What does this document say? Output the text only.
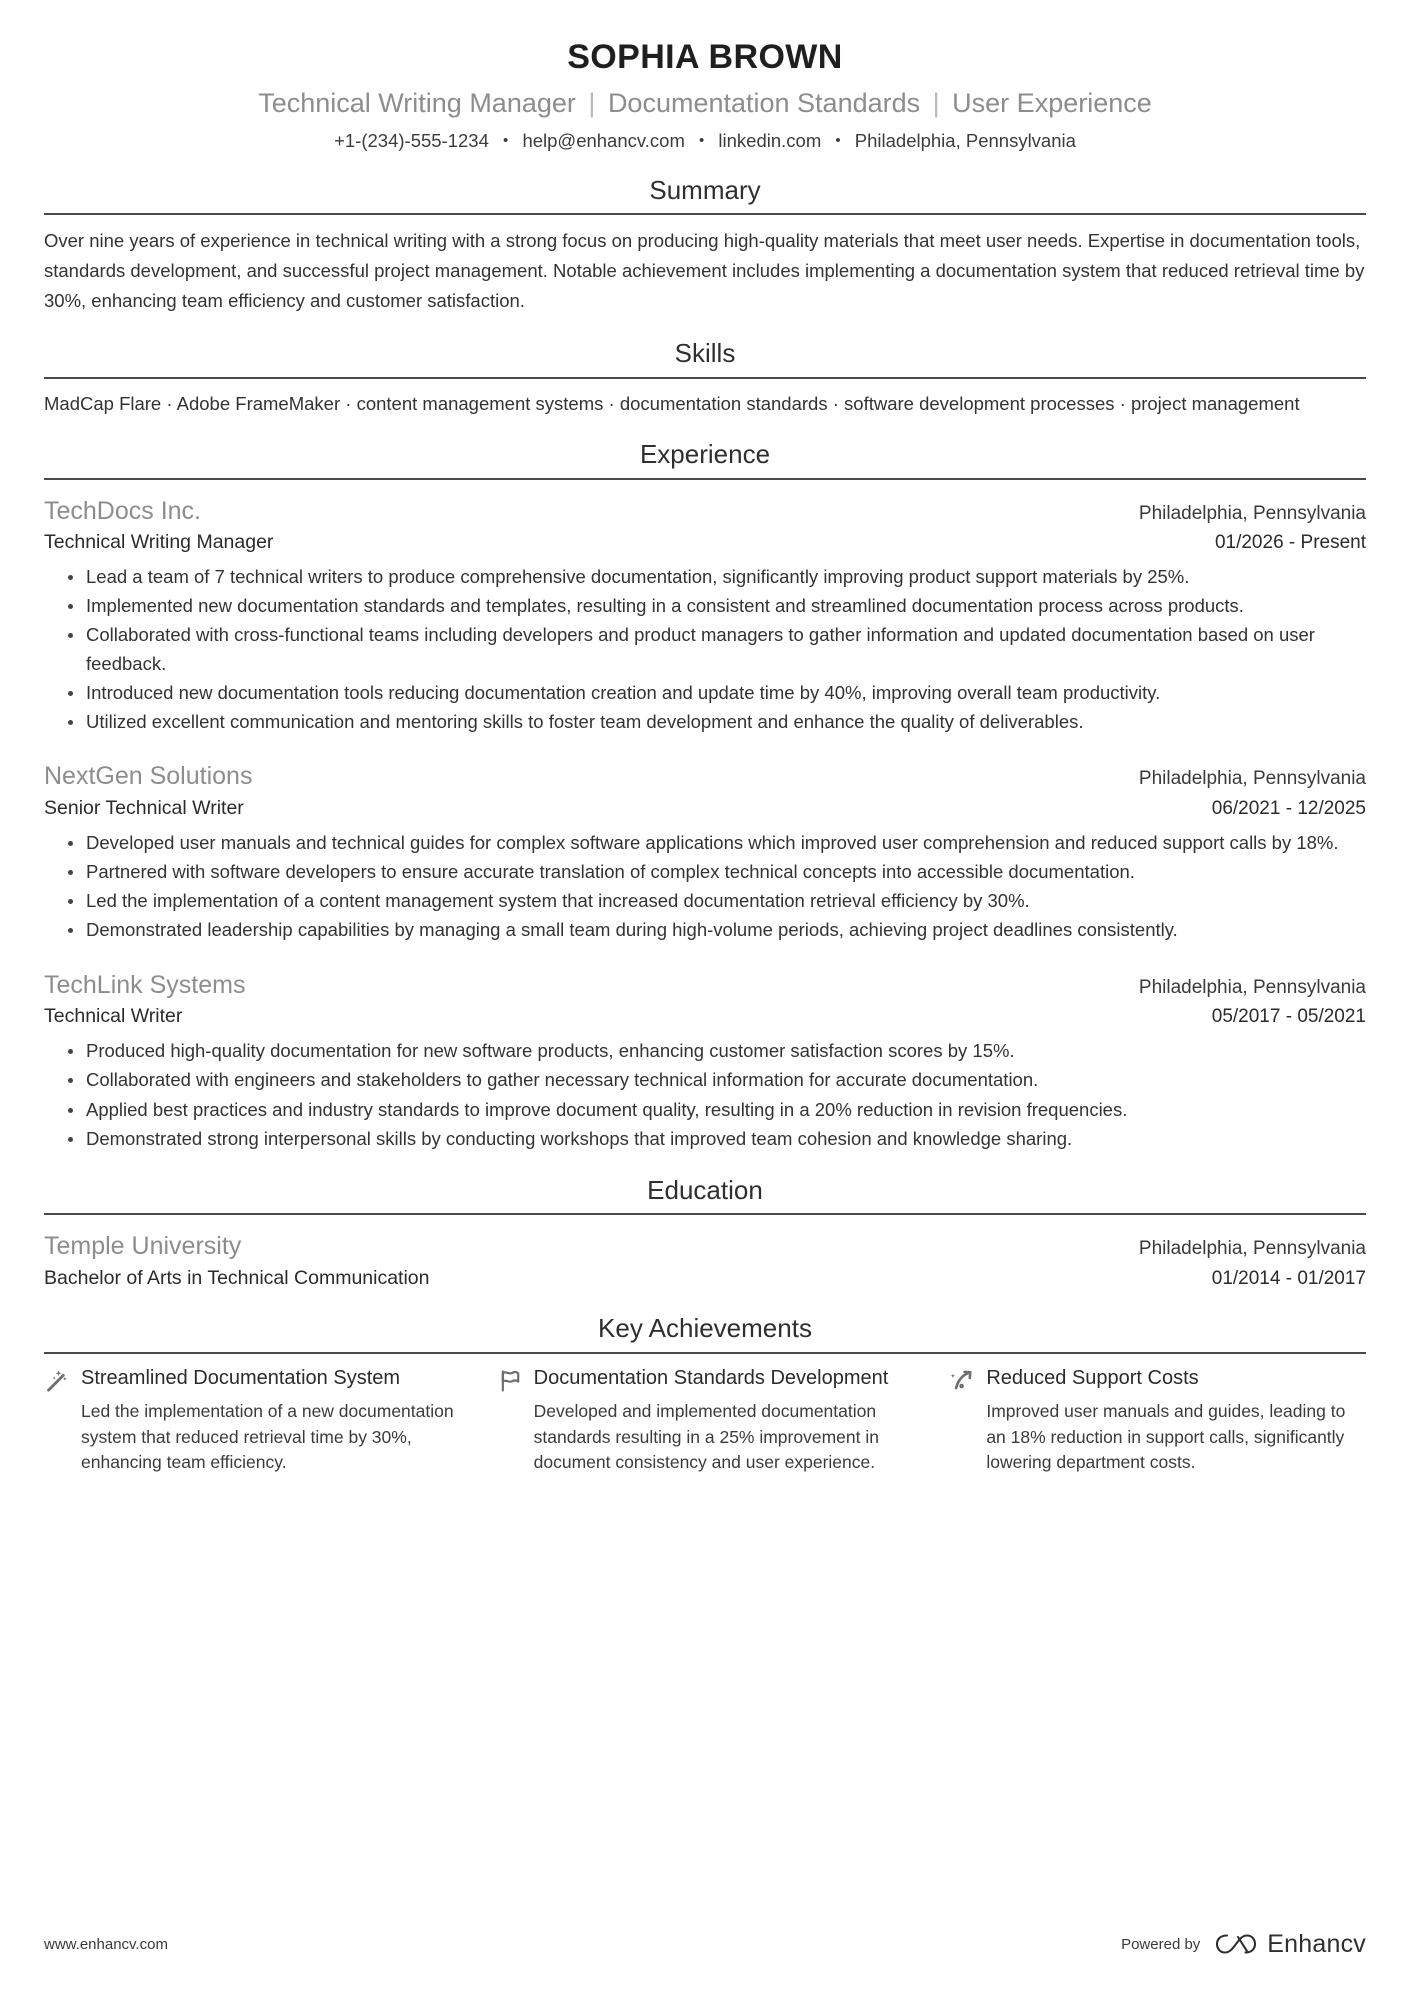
SOPHIA BROWN
Technical Writing Manager | Documentation Standards | User Experience
+1-(234)-555-1234 • help@enhancv.com • linkedin.com • Philadelphia, Pennsylvania
Summary

Over nine years of experience in technical writing with a strong focus on producing high-quality materials that meet user needs. Expertise in documentation tools, standards development, and successful project management. Notable achievement includes implementing a documentation system that reduced retrieval time by 30%, enhancing team efficiency and customer satisfaction.

Skills
MadCap Flare · Adobe FrameMaker · content management systems · documentation standards · software development processes · project management
Experience
TechDocs Inc.	Philadelphia, Pennsylvania
Technical Writing Manager	01/2026 - Present
Lead a team of 7 technical writers to produce comprehensive documentation, significantly improving product support materials by 25%.
Implemented new documentation standards and templates, resulting in a consistent and streamlined documentation process across products.
Collaborated with cross-functional teams including developers and product managers to gather information and updated documentation based on user feedback.
Introduced new documentation tools reducing documentation creation and update time by 40%, improving overall team productivity.
Utilized excellent communication and mentoring skills to foster team development and enhance the quality of deliverables.
NextGen Solutions	Philadelphia, Pennsylvania
Senior Technical Writer	06/2021 - 12/2025
Developed user manuals and technical guides for complex software applications which improved user comprehension and reduced support calls by 18%.
Partnered with software developers to ensure accurate translation of complex technical concepts into accessible documentation.
Led the implementation of a content management system that increased documentation retrieval efficiency by 30%.
Demonstrated leadership capabilities by managing a small team during high-volume periods, achieving project deadlines consistently.
TechLink Systems	Philadelphia, Pennsylvania
Technical Writer	05/2017 - 05/2021
Produced high-quality documentation for new software products, enhancing customer satisfaction scores by 15%.
Collaborated with engineers and stakeholders to gather necessary technical information for accurate documentation.
Applied best practices and industry standards to improve document quality, resulting in a 20% reduction in revision frequencies.
Demonstrated strong interpersonal skills by conducting workshops that improved team cohesion and knowledge sharing.
Education
Temple University	Philadelphia, Pennsylvania
Bachelor of Arts in Technical Communication	01/2014 - 01/2017
Key Achievements
Streamlined Documentation System
Led the implementation of a new documentation system that reduced retrieval time by 30%, enhancing team efficiency.
Documentation Standards Development
Developed and implemented documentation standards resulting in a 25% improvement in document consistency and user experience.
Reduced Support Costs
Improved user manuals and guides, leading to an 18% reduction in support calls, significantly lowering department costs.
www.enhancv.com	Powered by	Enhancv
